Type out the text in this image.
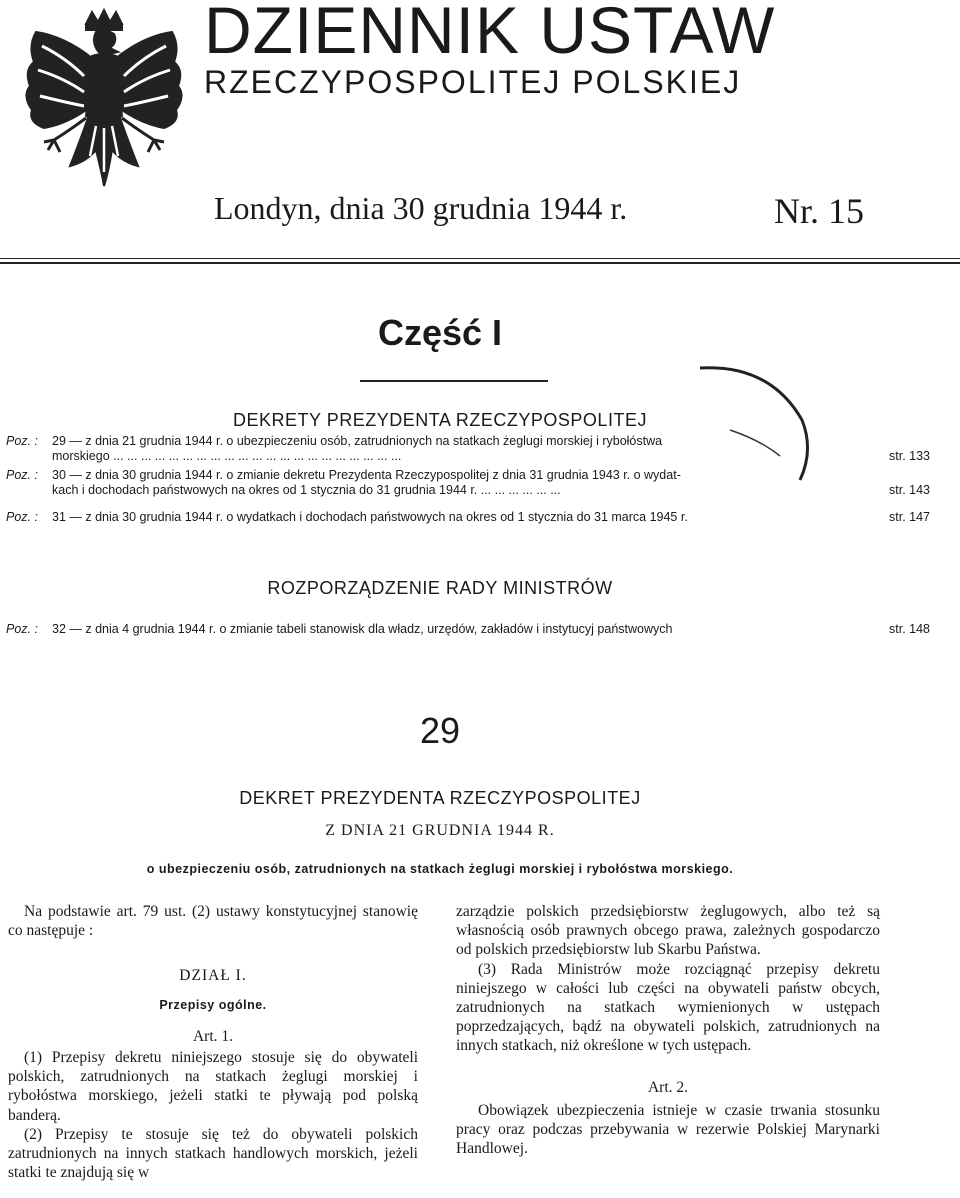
DZIENNIK USTAW
RZECZYPOSPOLITEJ POLSKIEJ
Londyn, dnia 30 grudnia 1944 r.	Nr. 15
Część I
DEKRETY PREZYDENTA RZECZYPOSPOLITEJ
Poz. :	29 — z dnia 21 grudnia 1944 r. o ubezpieczeniu osób, zatrudnionych na statkach żeglugi morskiej i rybołóstwa
morskiego ... ... ... ... ... ... ... ... ... ... ... ... ... ... ... ... ... ... ... ... ...	str. 133
Poz. :	30 — z dnia 30 grudnia 1944 r. o zmianie dekretu Prezydenta Rzeczypospolitej z dnia 31 grudnia 1943 r. o wydat-
kach i dochodach państwowych na okres od 1 stycznia do 31 grudnia 1944 r. ... ... ... ... ... ...	str. 143
Poz. :	31 — z dnia 30 grudnia 1944 r. o wydatkach i dochodach państwowych na okres od 1 stycznia do 31 marca 1945 r.	str. 147
ROZPORZĄDZENIE RADY MINISTRÓW
Poz. :	32 — z dnia 4 grudnia 1944 r. o zmianie tabeli stanowisk dla władz, urzędów, zakładów i instytucyj państwowych	str. 148
29
DEKRET PREZYDENTA RZECZYPOSPOLITEJ
Z DNIA 21 GRUDNIA 1944 R.
o ubezpieczeniu osób, zatrudnionych na statkach żeglugi morskiej i rybołóstwa morskiego.

Na podstawie art. 79 ust. (2) ustawy konstytucyjnej stanowię co następuje :

DZIAŁ I.

Przepisy ogólne.

Art. 1.

(1) Przepisy dekretu niniejszego stosuje się do obywateli polskich, zatrudnionych na statkach żeglugi morskiej i rybołóstwa morskiego, jeżeli statki te pływają pod polską banderą.

(2) Przepisy te stosuje się też do obywateli polskich zatrudnionych na innych statkach handlowych morskich, jeżeli statki te znajdują się w

zarządzie polskich przedsiębiorstw żeglugowych, albo też są własnością osób prawnych obcego prawa, zależnych gospodarczo od polskich przedsiębiorstw lub Skarbu Państwa.

(3) Rada Ministrów może rozciągnąć przepisy dekretu niniejszego w całości lub części na obywateli państw obcych, zatrudnionych na statkach wymienionych w ustępach poprzedzających, bądź na obywateli polskich, zatrudnionych na innych statkach, niż określone w tych ustępach.

Art. 2.

Obowiązek ubezpieczenia istnieje w czasie trwania stosunku pracy oraz podczas przebywania w rezerwie Polskiej Marynarki Handlowej.
